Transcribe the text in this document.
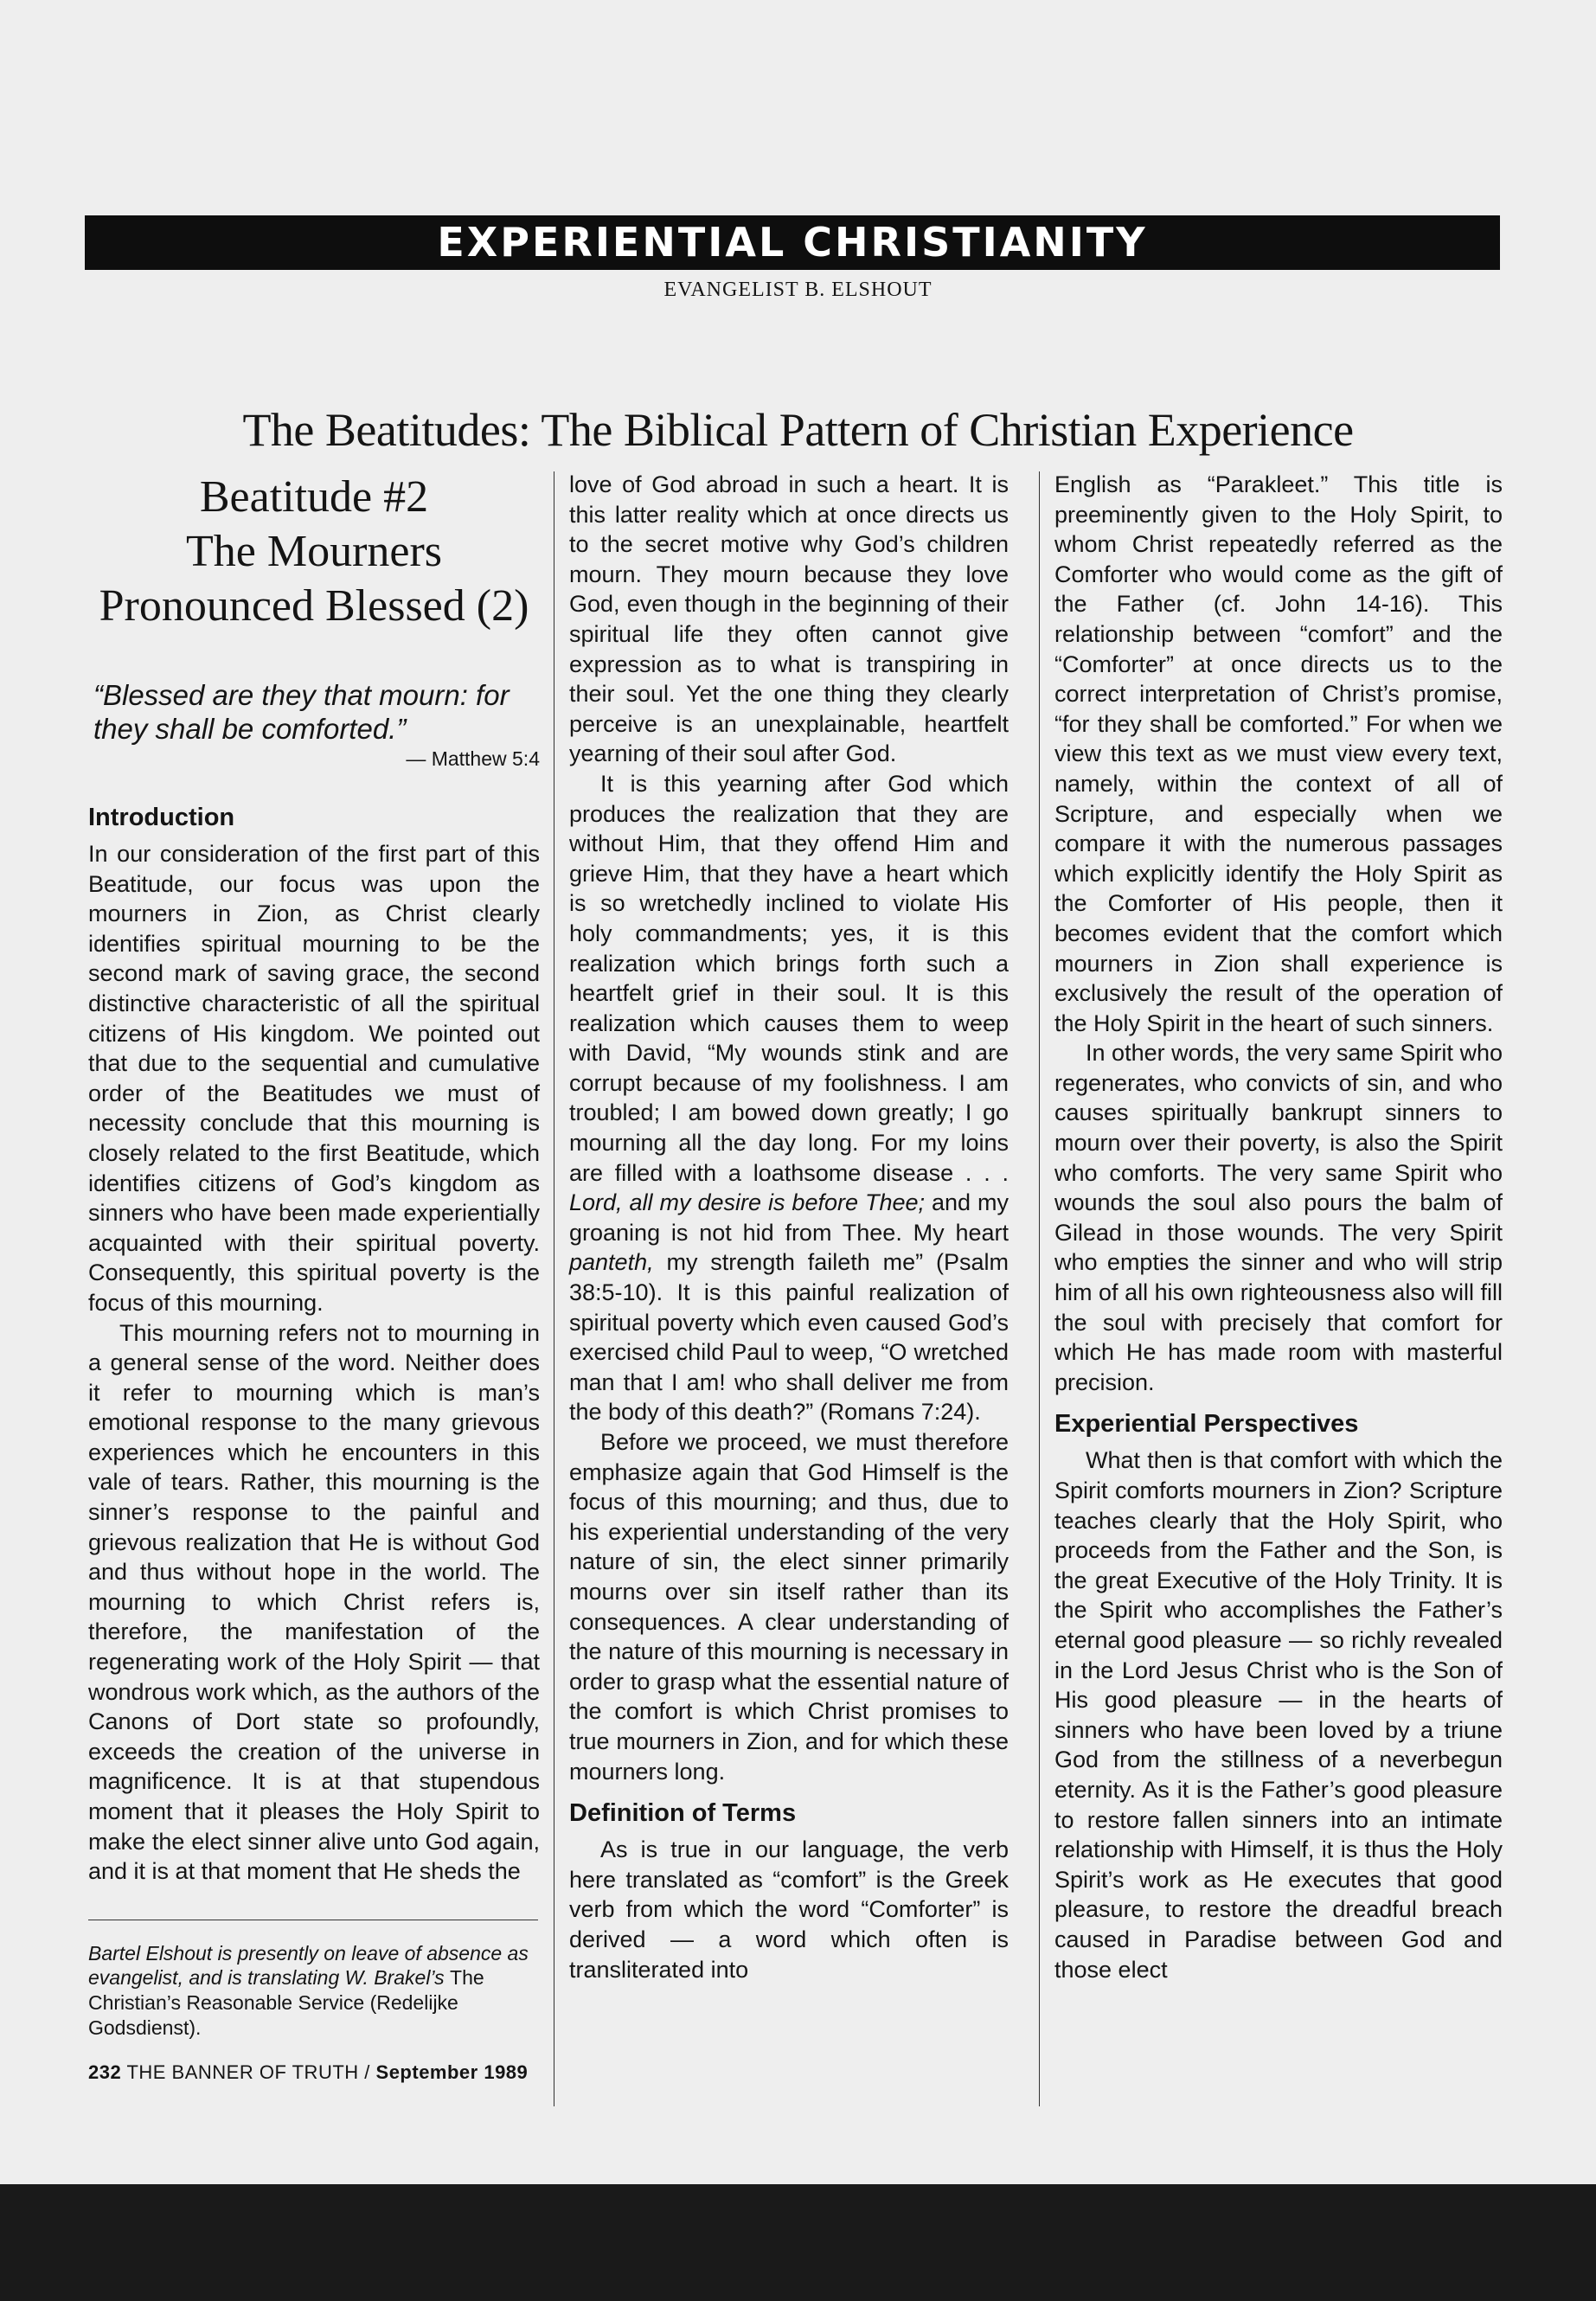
EXPERIENTIAL CHRISTIANITY
EVANGELIST B. ELSHOUT
The Beatitudes: The Biblical Pattern of Christian Experience
Beatitude #2
The Mourners
Pronounced Blessed (2)
“Blessed are they that mourn: for they shall be comforted.”
— Matthew 5:4
Introduction

In our consideration of the first part of this Beatitude, our focus was upon the mourners in Zion, as Christ clearly identifies spiritual mourning to be the second mark of saving grace, the second distinctive characteristic of all the spiritual citizens of His kingdom. We pointed out that due to the sequential and cumulative order of the Beatitudes we must of necessity conclude that this mourning is closely related to the first Beatitude, which identifies citizens of God’s kingdom as sinners who have been made experientially acquainted with their spiritual poverty. Consequently, this spiritual poverty is the focus of this mourning.

This mourning refers not to mourning in a general sense of the word. Neither does it refer to mourning which is man’s emotional response to the many grievous experiences which he encounters in this vale of tears. Rather, this mourning is the sinner’s response to the painful and grievous realization that He is without God and thus without hope in the world. The mourning to which Christ refers is, therefore, the manifestation of the regenerating work of the Holy Spirit — that wondrous work which, as the authors of the Canons of Dort state so profoundly, exceeds the creation of the universe in magnificence. It is at that stupendous moment that it pleases the Holy Spirit to make the elect sinner alive unto God again, and it is at that moment that He sheds the

Bartel Elshout is presently on leave of absence as evangelist, and is translating W. Brakel’s The Christian’s Reasonable Service (Redelijke Godsdienst).
232 THE BANNER OF TRUTH / September 1989

love of God abroad in such a heart. It is this latter reality which at once directs us to the secret motive why God’s children mourn. They mourn because they love God, even though in the beginning of their spiritual life they often cannot give expression as to what is transpiring in their soul. Yet the one thing they clearly perceive is an unexplainable, heartfelt yearning of their soul after God.

It is this yearning after God which produces the realization that they are without Him, that they offend Him and grieve Him, that they have a heart which is so wretchedly inclined to violate His holy commandments; yes, it is this realization which brings forth such a heartfelt grief in their soul. It is this realization which causes them to weep with David, “My wounds stink and are corrupt because of my foolishness. I am troubled; I am bowed down greatly; I go mourning all the day long. For my loins are filled with a loathsome disease . . . Lord, all my desire is before Thee; and my groaning is not hid from Thee. My heart panteth, my strength faileth me” (Psalm 38:5-10). It is this painful realization of spiritual poverty which even caused God’s exercised child Paul to weep, “O wretched man that I am! who shall deliver me from the body of this death?” (Romans 7:24).

Before we proceed, we must therefore emphasize again that God Himself is the focus of this mourning; and thus, due to his experiential understanding of the very nature of sin, the elect sinner primarily mourns over sin itself rather than its consequences. A clear understanding of the nature of this mourning is necessary in order to grasp what the essential nature of the comfort is which Christ promises to true mourners in Zion, and for which these mourners long.

Definition of Terms

As is true in our language, the verb here translated as “comfort” is the Greek verb from which the word “Comforter” is derived — a word which often is transliterated into

English as “Parakleet.” This title is preeminently given to the Holy Spirit, to whom Christ repeatedly referred as the Comforter who would come as the gift of the Father (cf. John 14-16). This relationship between “comfort” and the “Comforter” at once directs us to the correct interpretation of Christ’s promise, “for they shall be comforted.” For when we view this text as we must view every text, namely, within the context of all of Scripture, and especially when we compare it with the numerous passages which explicitly identify the Holy Spirit as the Comforter of His people, then it becomes evident that the comfort which mourners in Zion shall experience is exclusively the result of the operation of the Holy Spirit in the heart of such sinners.

In other words, the very same Spirit who regenerates, who convicts of sin, and who causes spiritually bankrupt sinners to mourn over their poverty, is also the Spirit who comforts. The very same Spirit who wounds the soul also pours the balm of Gilead in those wounds. The very Spirit who empties the sinner and who will strip him of all his own righteousness also will fill the soul with precisely that comfort for which He has made room with masterful precision.

Experiential Perspectives

What then is that comfort with which the Spirit comforts mourners in Zion? Scripture teaches clearly that the Holy Spirit, who proceeds from the Father and the Son, is the great Executive of the Holy Trinity. It is the Spirit who accomplishes the Father’s eternal good pleasure — so richly revealed in the Lord Jesus Christ who is the Son of His good pleasure — in the hearts of sinners who have been loved by a triune God from the stillness of a neverbegun eternity. As it is the Father’s good pleasure to restore fallen sinners into an intimate relationship with Himself, it is thus the Holy Spirit’s work as He executes that good pleasure, to restore the dreadful breach caused in Paradise between God and those elect
